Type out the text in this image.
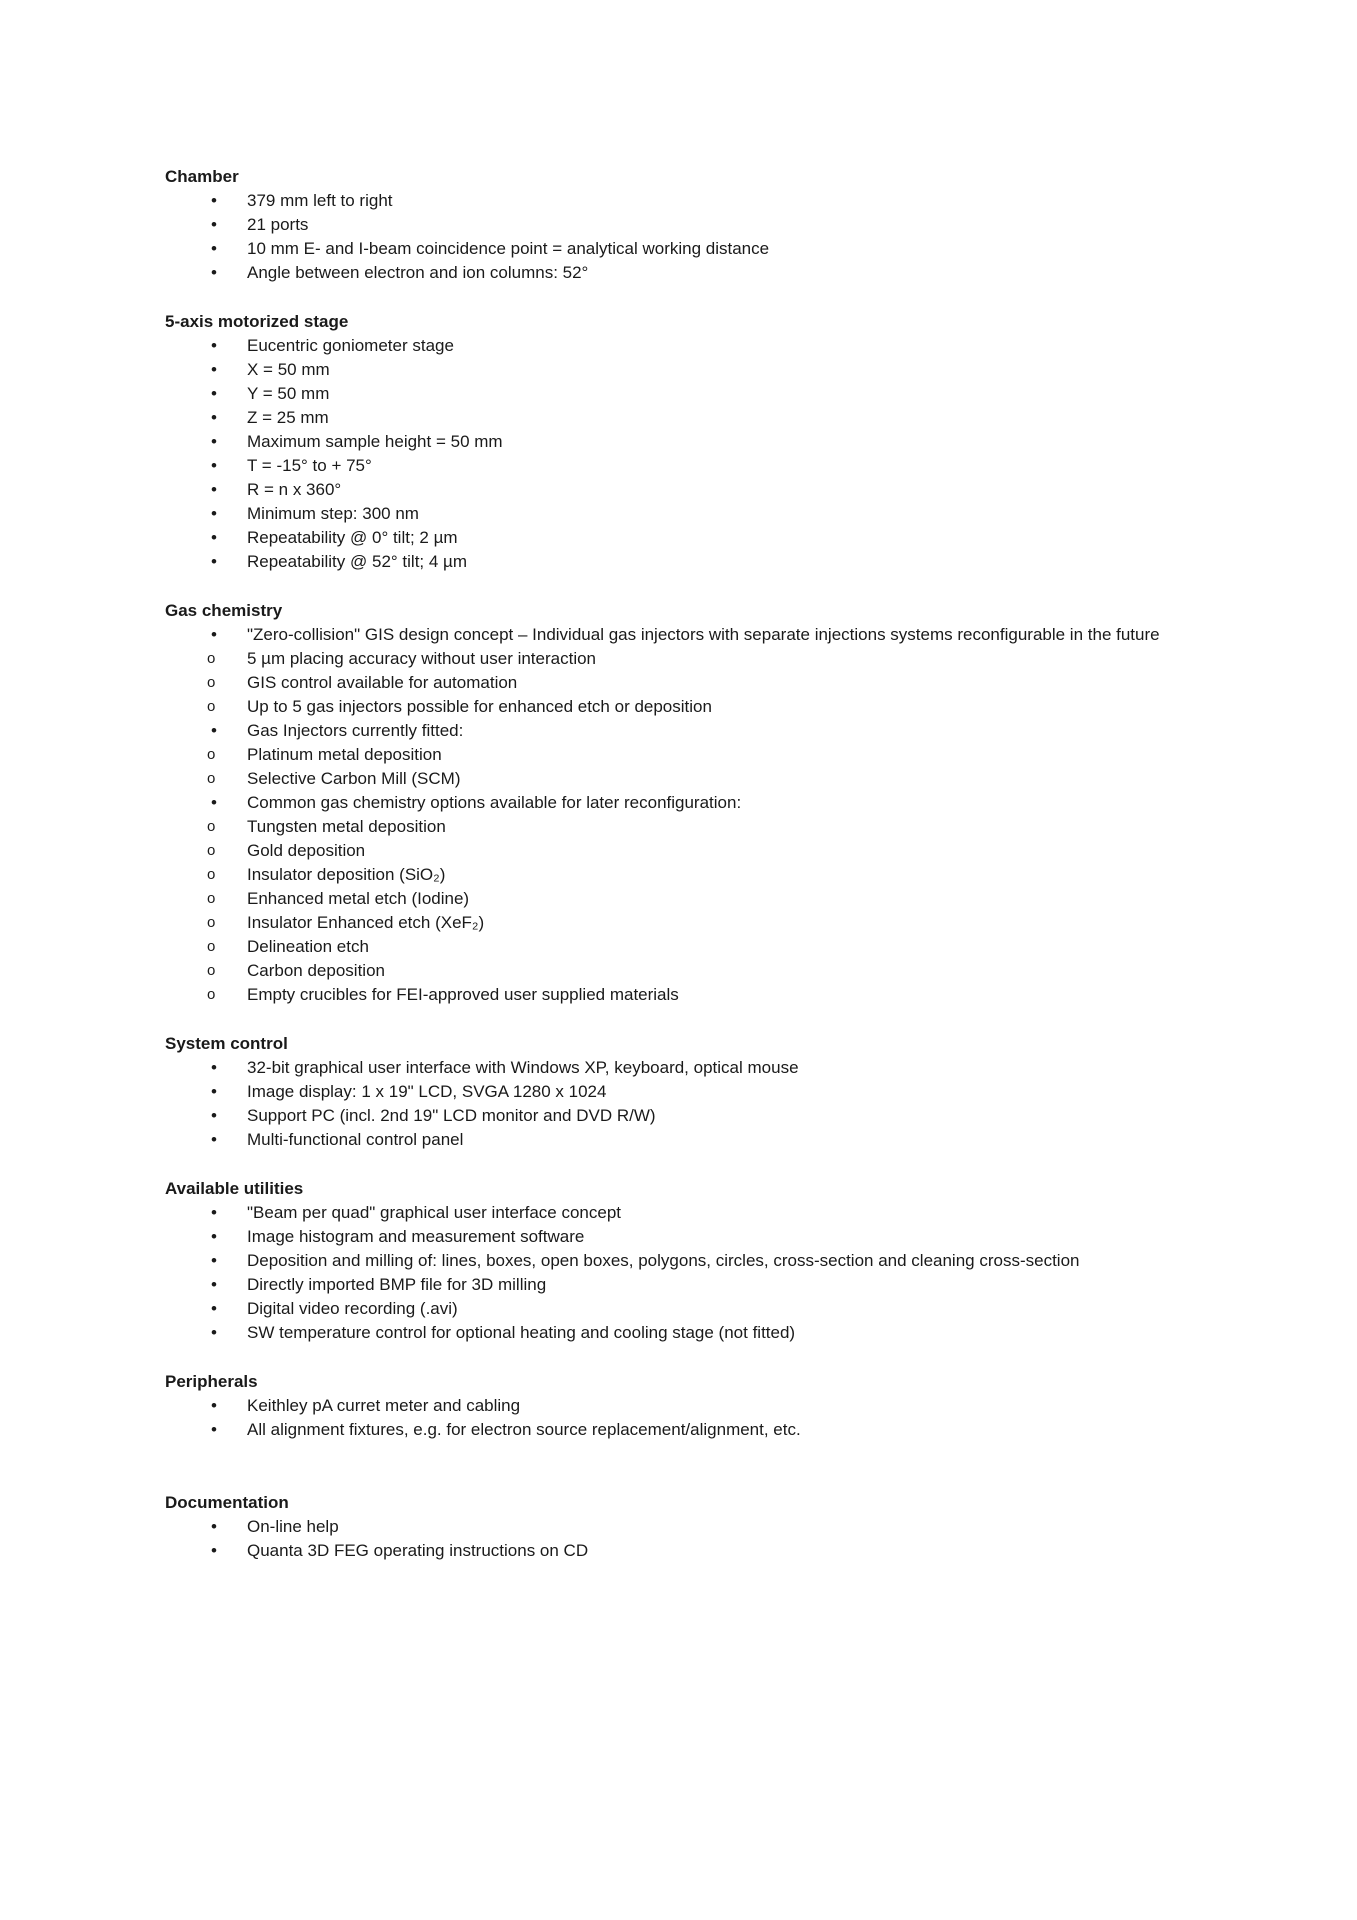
Chamber
• 379 mm left to right
• 21 ports
• 10 mm E- and I-beam coincidence point = analytical working distance
• Angle between electron and ion columns: 52°
5-axis motorized stage
• Eucentric goniometer stage
• X = 50 mm
• Y = 50 mm
• Z = 25 mm
• Maximum sample height = 50 mm
• T = -15° to + 75°
• R = n x 360°
• Minimum step: 300 nm
• Repeatability @ 0° tilt; 2 µm
• Repeatability @ 52° tilt; 4 µm
Gas chemistry
• "Zero-collision" GIS design concept – Individual gas injectors with separate injections systems reconfigurable in the future
o 5 µm placing accuracy without user interaction
o GIS control available for automation
o Up to 5 gas injectors possible for enhanced etch or deposition
• Gas Injectors currently fitted:
o Platinum metal deposition
o Selective Carbon Mill (SCM)
• Common gas chemistry options available for later reconfiguration:
o Tungsten metal deposition
o Gold deposition
o Insulator deposition (SiO₂)
o Enhanced metal etch (Iodine)
o Insulator Enhanced etch (XeF₂)
o Delineation etch
o Carbon deposition
o Empty crucibles for FEI-approved user supplied materials
System control
• 32-bit graphical user interface with Windows XP, keyboard, optical mouse
• Image display: 1 x 19" LCD, SVGA 1280 x 1024
• Support PC (incl. 2nd 19" LCD monitor and DVD R/W)
• Multi-functional control panel
Available utilities
• "Beam per quad" graphical user interface concept
• Image histogram and measurement software
• Deposition and milling of: lines, boxes, open boxes, polygons, circles, cross-section and cleaning cross-section
• Directly imported BMP file for 3D milling
• Digital video recording (.avi)
• SW temperature control for optional heating and cooling stage (not fitted)
Peripherals
• Keithley pA curret meter and cabling
• All alignment fixtures, e.g. for electron source replacement/alignment, etc.
Documentation
• On-line help
• Quanta 3D FEG operating instructions on CD
